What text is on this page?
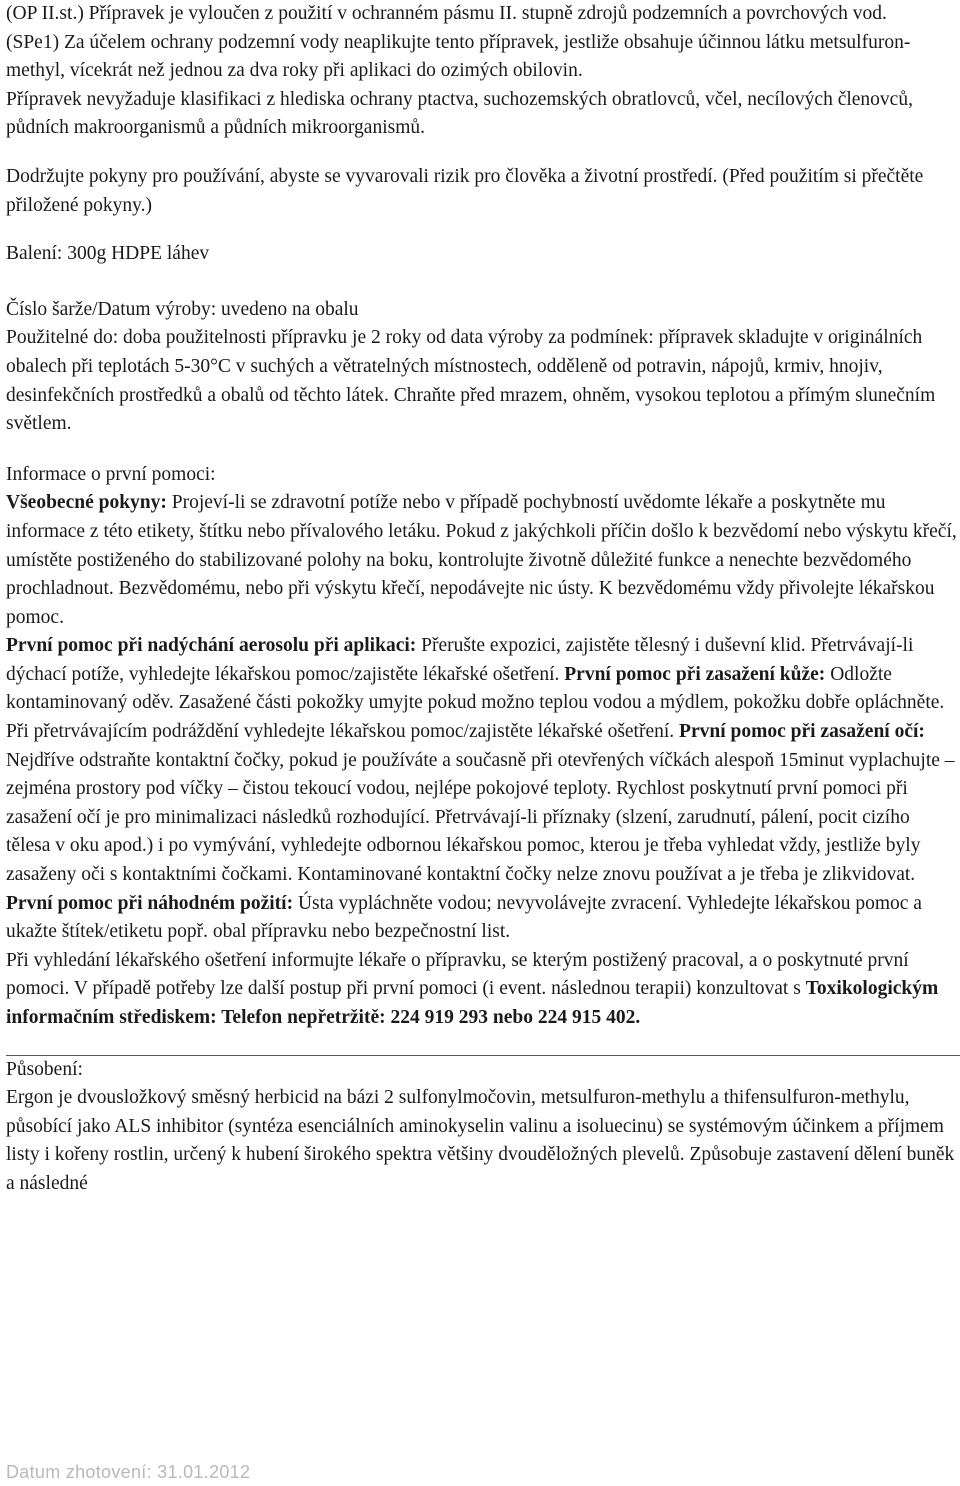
(OP II.st.) Přípravek je vyloučen z použití v ochranném pásmu II. stupně zdrojů podzemních a povrchových vod.

(SPe1) Za účelem ochrany podzemní vody neaplikujte tento přípravek, jestliže obsahuje účinnou látku metsulfuron-methyl, vícekrát než jednou za dva roky při aplikaci do ozimých obilovin.

Přípravek nevyžaduje klasifikaci z hlediska ochrany ptactva, suchozemských obratlovců, včel, necílových členovců, půdních makroorganismů a půdních mikroorganismů.

Dodržujte pokyny pro používání, abyste se vyvarovali rizik pro člověka a životní prostředí. (Před použitím si přečtěte přiložené pokyny.)

Balení: 300g HDPE láhev

Číslo šarže/Datum výroby: uvedeno na obalu

Použitelné do: doba použitelnosti přípravku je 2 roky od data výroby za podmínek: přípravek skladujte v originálních obalech při teplotách 5-30°C v suchých a větratelných místnostech, odděleně od potravin, nápojů, krmiv, hnojiv, desinfekčních prostředků a obalů od těchto látek. Chraňte před mrazem, ohněm, vysokou teplotou a přímým slunečním světlem.

Informace o první pomoci:

Všeobecné pokyny: Projeví-li se zdravotní potíže nebo v případě pochybností uvědomte lékaře a poskytněte mu informace z této etikety, štítku nebo přívalového letáku. Pokud z jakýchkoli příčin došlo k bezvědomí nebo výskytu křečí, umístěte postiženého do stabilizované polohy na boku, kontrolujte životně důležité funkce a nenechte bezvědomého prochladnout. Bezvědomému, nebo při výskytu křečí, nepodávejte nic ústy. K bezvědomému vždy přivolejte lékařskou pomoc.
První pomoc při nadýchání aerosolu při aplikaci: Přerušte expozici, zajistěte tělesný i duševní klid. Přetrvávají-li dýchací potíže, vyhledejte lékařskou pomoc/zajistěte lékařské ošetření. První pomoc při zasažení kůže: Odložte kontaminovaný oděv. Zasažené části pokožky umyjte pokud možno teplou vodou a mýdlem, pokožku dobře opláchněte. Při přetrvávajícím podráždění vyhledejte lékařskou pomoc/zajistěte lékařské ošetření. První pomoc při zasažení očí: Nejdříve odstraňte kontaktní čočky, pokud je používáte a současně při otevřených víčkách alespoň 15minut vyplachujte – zejména prostory pod víčky – čistou tekoucí vodou, nejlépe pokojové teploty. Rychlost poskytnutí první pomoci při zasažení očí je pro minimalizaci následků rozhodující. Přetrvávají-li příznaky (slzení, zarudnutí, pálení, pocit cizího tělesa v oku apod.) i po vymývání, vyhledejte odbornou lékařskou pomoc, kterou je třeba vyhledat vždy, jestliže byly zasaženy oči s kontaktními čočkami. Kontaminované kontaktní čočky nelze znovu používat a je třeba je zlikvidovat. První pomoc při náhodném požití: Ústa vypláchněte vodou; nevyvolávejte zvracení. Vyhledejte lékařskou pomoc a ukažte štítek/etiketu popř. obal přípravku nebo bezpečnostní list.

Při vyhledání lékařského ošetření informujte lékaře o přípravku, se kterým postižený pracoval, a o poskytnuté první pomoci. V případě potřeby lze další postup při první pomoci (i event. následnou terapii) konzultovat s Toxikologickým informačním střediskem: Telefon nepřetržitě: 224 919 293 nebo 224 915 402.

Působení:

Ergon je dvousložkový směsný herbicid na bázi 2 sulfonylmočovin, metsulfuron-methylu a thifensulfuron-methylu, působící jako ALS inhibitor (syntéza esenciálních aminokyselin valinu a isoluecinu) se systémovým účinkem a příjmem listy i kořeny rostlin, určený k hubení širokého spektra většiny dvouděložných plevelů. Způsobuje zastavení dělení buněk a následné

Datum zhotovení: 31.01.2012
